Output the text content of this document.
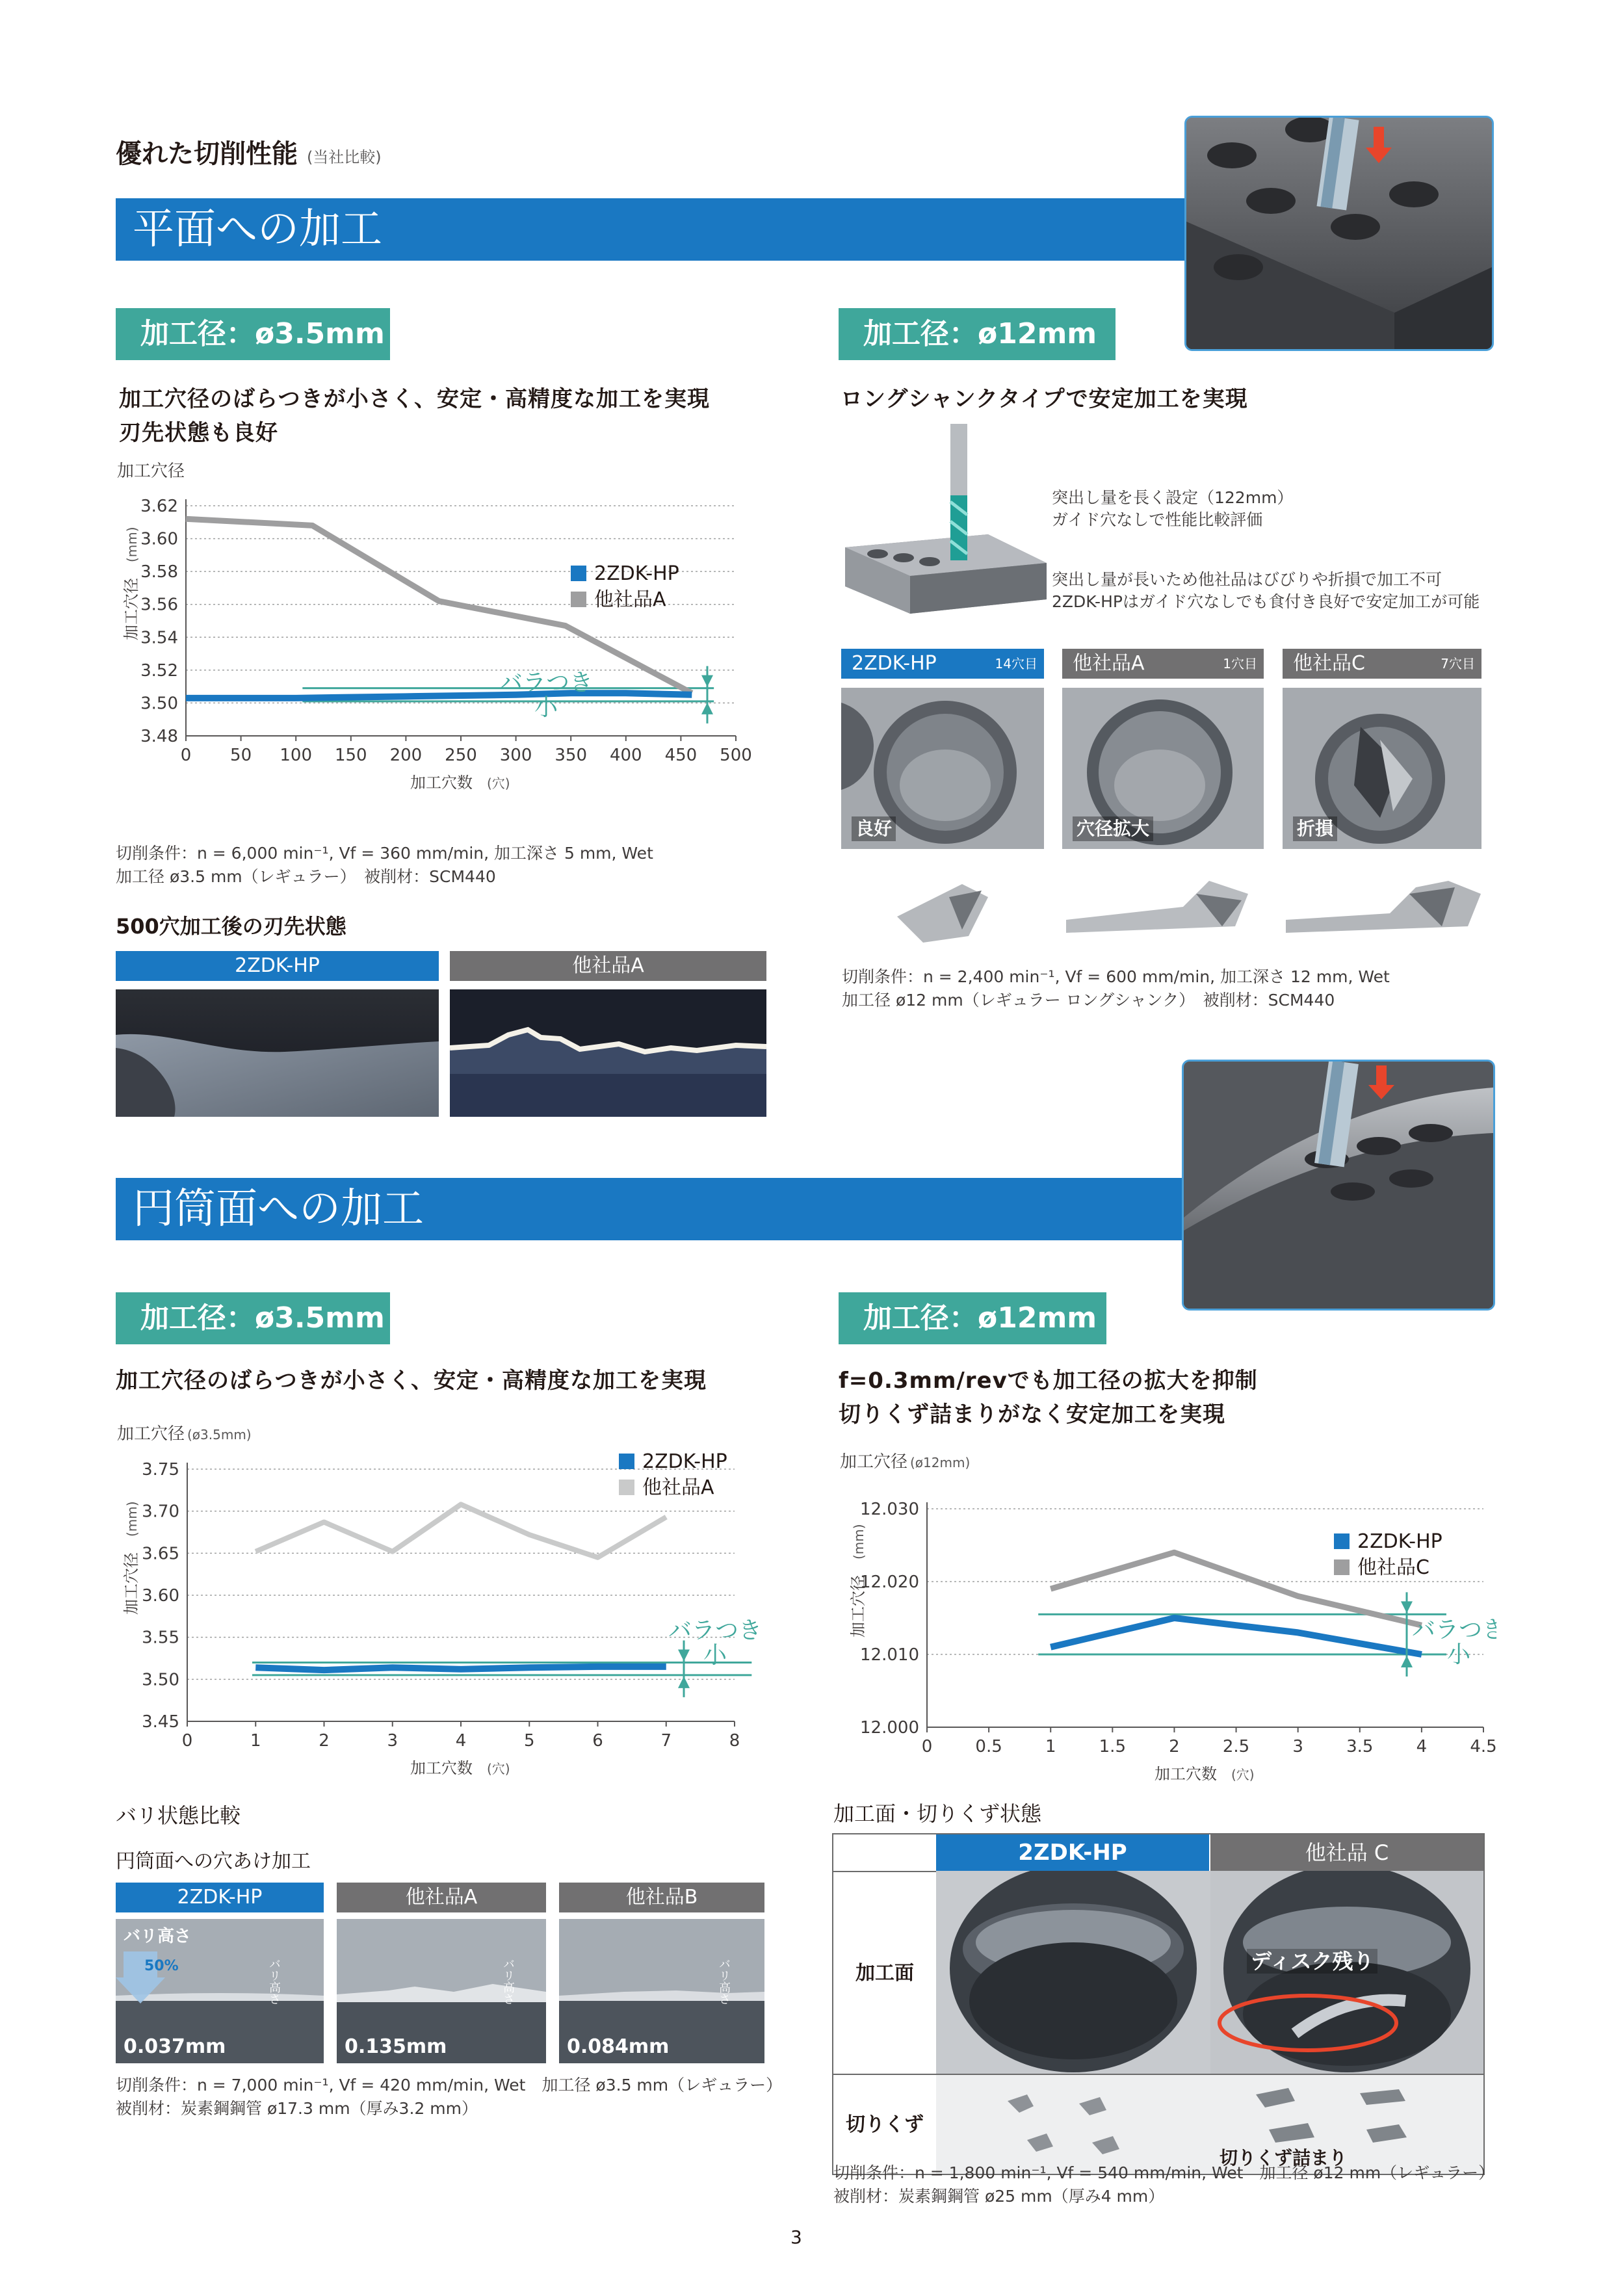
優れた切削性能 (当社比較)
平面への加工
加工径：ø3.5mm
加工穴径のばらつきが小さく、安定・高精度な加工を実現
刃先状態も良好
3.48
3.50
3.52
3.54
3.56
3.58
3.60
3.62
0 50 100 150 200 250 300 350 400 450 500
加工穴径
加工穴径
(mm)
加工穴数 (穴)
バラつき
小
2ZDK-HP
他社品A
切削条件：n = 6,000 min⁻¹, Vf = 360 mm/min, 加工深さ 5 mm, Wet
加工径 ø3.5 mm（レギュラー）　被削材：SCM440
500穴加工後の刃先状態
2ZDK-HP	他社品A
加工径：ø12mm
ロングシャンクタイプで安定加工を実現
突出し量を長く設定（122mm）
ガイド穴なしで性能比較評価
突出し量が長いため他社品はびびりや折損で加工不可
2ZDK-HPはガイド穴なしでも食付き良好で安定加工が可能
2ZDK-HP	14穴目	他社品A	1穴目	他社品C	7穴目
良好	穴径拡大	折損
切削条件：n = 2,400 min⁻¹, Vf = 600 mm/min, 加工深さ 12 mm, Wet
加工径 ø12 mm（レギュラー ロングシャンク）　被削材：SCM440
円筒面への加工
加工径：ø3.5mm
加工穴径のばらつきが小さく、安定・高精度な加工を実現
3.45
3.50
3.55
3.60
3.65
3.70
3.75
0	1	2	3	4	5	6	7	8
加工穴径 (ø3.5mm)
加工穴径
(mm)
加工穴数 (穴)
バラつき
小
2ZDK-HP
他社品A
バリ状態比較
円筒面への穴あけ加工
2ZDK-HP	他社品A	他社品B
バリ高さ
50%	バリ高さ
0.037mm
バリ高さ
0.135mm
バリ高さ
0.084mm
切削条件：n = 7,000 min⁻¹, Vf = 420 mm/min, Wet　加工径 ø3.5 mm（レギュラー）
被削材：炭素鋼鋼管 ø17.3 mm（厚み3.2 mm）
加工径：ø12mm
f=0.3mm/revでも加工径の拡大を抑制
切りくず詰まりがなく安定加工を実現
12.000
12.010
12.020
12.030
0	0.5	1	1.5	2	2.5	3	3.5	4	4.5
加工穴径 (ø12mm)
加工穴径
(mm)
加工穴数 (穴)
バラつき
小
2ZDK-HP
他社品C
加工面・切りくず状態
2ZDK-HP	他社品 C
加工面
切りくず
ディスク残り
切りくず詰まり
切削条件：n = 1,800 min⁻¹, Vf = 540 mm/min, Wet　加工径 ø12 mm（レギュラー）
被削材：炭素鋼鋼管 ø25 mm（厚み4 mm）
3
